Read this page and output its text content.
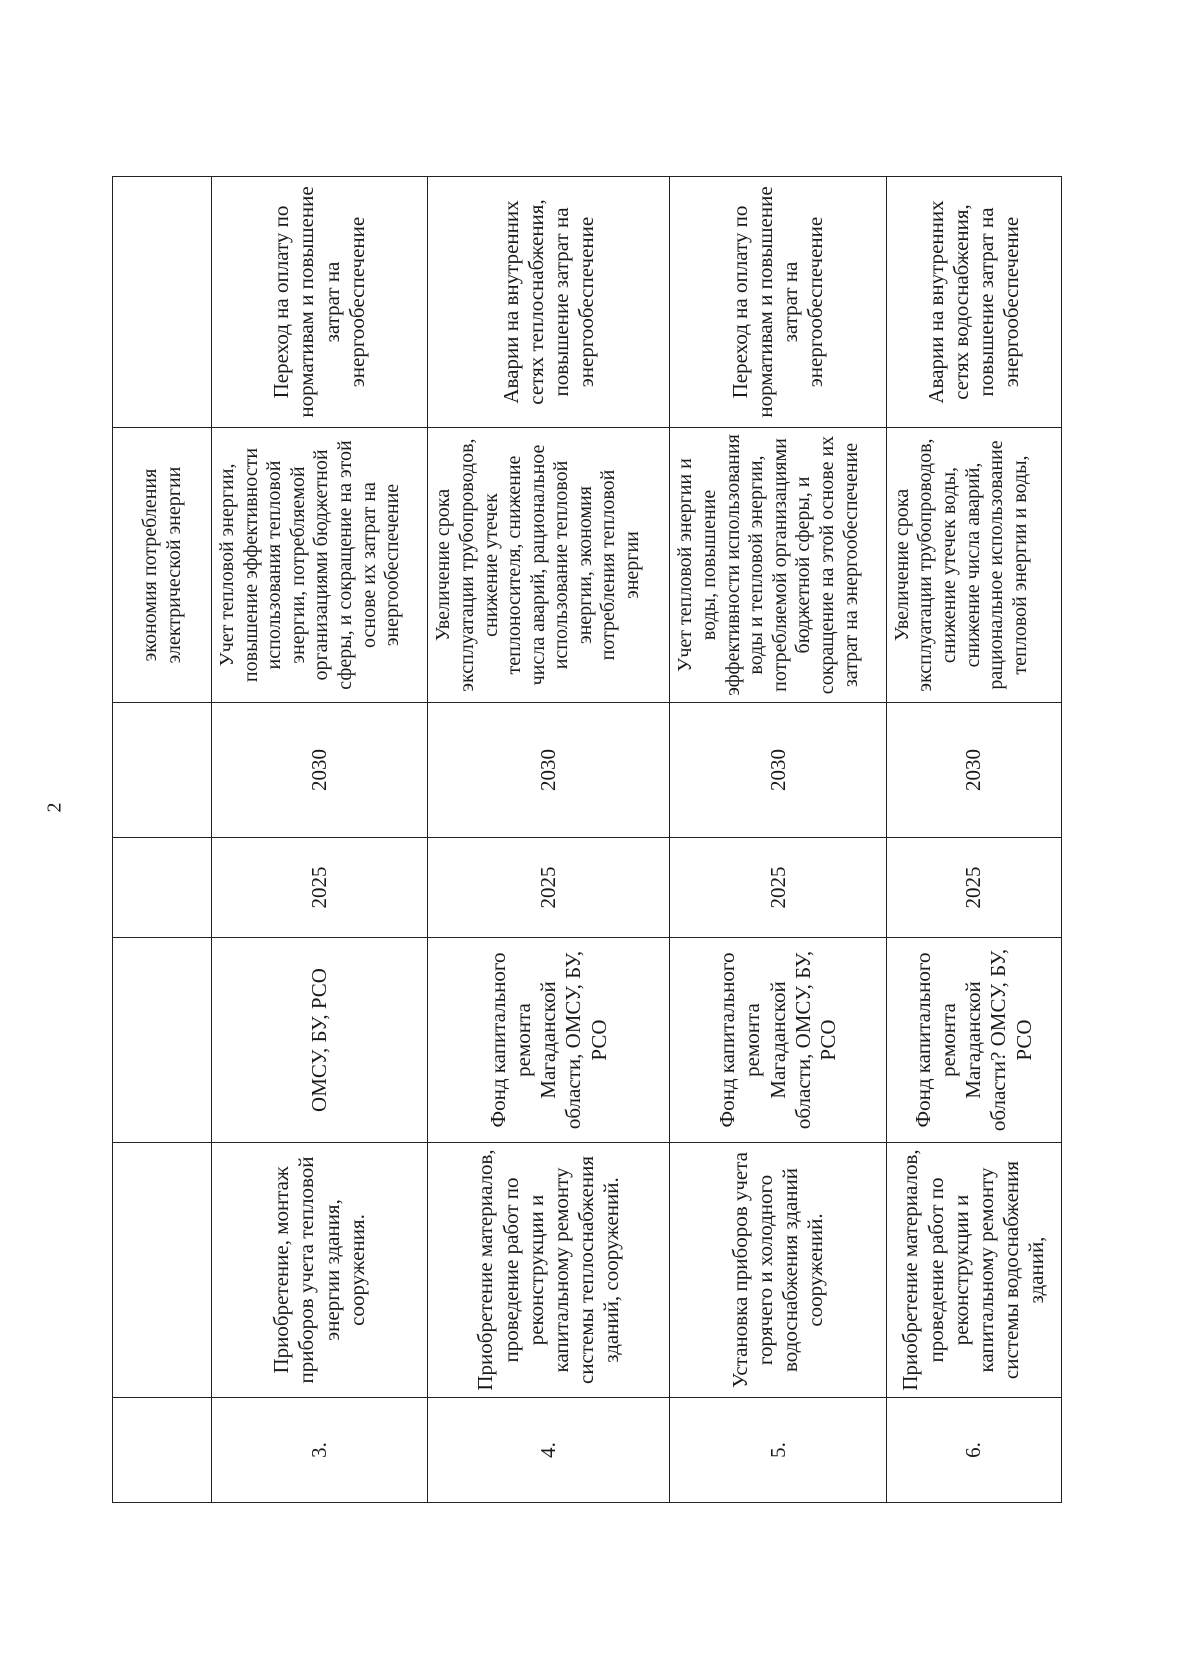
2
					экономия потребления электрической энергии	
3.	Приобретение, монтаж приборов учета тепловой энергии здания, сооружения.	ОМСУ, БУ, РСО	2025	2030	Учет тепловой энергии, повышение эффективности использования тепловой энергии, потребляемой организациями бюджетной сферы, и сокращение на этой основе их затрат на энергообеспечение	Переход на оплату по нормативам и повышение затрат на энергообеспечение
4.	Приобретение материалов, проведение работ по реконструкции и капитальному ремонту системы теплоснабжения зданий, сооружений.	Фонд капитального ремонта Магаданской области, ОМСУ, БУ, РСО	2025	2030	Увеличение срока эксплуатации трубопроводов, снижение утечек теплоносителя, снижение числа аварий, рациональное использование тепловой энергии, экономия потребления тепловой энергии	Аварии на внутренних сетях теплоснабжения, повышение затрат на энергообеспечение
5.	Установка приборов учета горячего и холодного водоснабжения зданий сооружений.	Фонд капитального ремонта Магаданской области, ОМСУ, БУ, РСО	2025	2030	Учет тепловой энергии и воды, повышение эффективности использования воды и тепловой энергии, потребляемой организациями бюджетной сферы, и сокращение на этой основе их затрат на энергообеспечение	Переход на оплату по нормативам и повышение затрат на энергообеспечение
6.	Приобретение материалов, проведение работ по реконструкции и капитальному ремонту системы водоснабжения зданий,	Фонд капитального ремонта Магаданской области? ОМСУ, БУ, РСО	2025	2030	Увеличение срока эксплуатации трубопроводов, снижение утечек воды, снижение числа аварий, рациональное использование тепловой энергии и воды,	Аварии на внутренних сетях водоснабжения, повышение затрат на энергообеспечение
